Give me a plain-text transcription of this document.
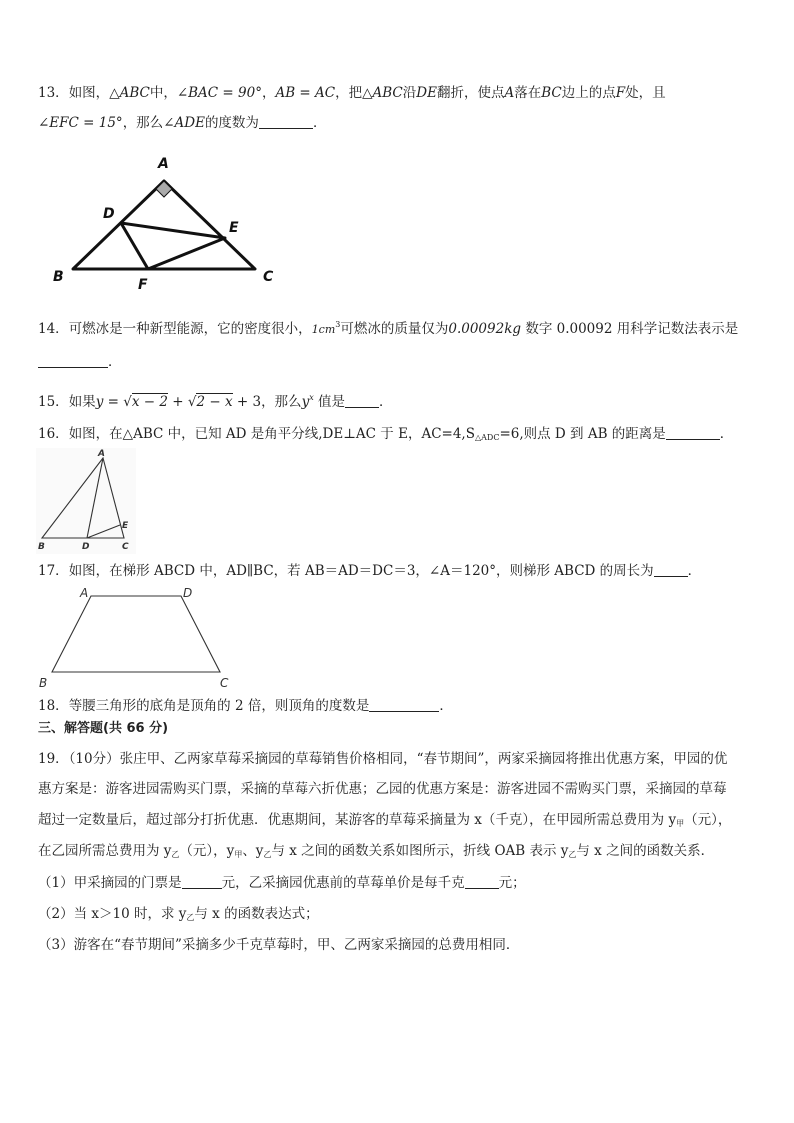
13．如图，△ABC中，∠BAC = 90°，AB = AC，把△ABC沿DE翻折，使点A落在BC边上的点F处，且
∠EFC = 15°，那么∠ADE的度数为	．
A
B	C
D
E
F
14．可燃冰是一种新型能源，它的密度很小，$1cm^3$可燃冰的质量仅为0.00092kg 数字 0.00092 用科学记数法表示是
．
15．如果y = √x − 2 + √2 − x + 3，那么$y^x$ 值是	．
16．如图，在△ABC 中，已知 AD 是角平分线,DE⊥AC 于 E，$AC=4,S_{\triangle ADC}=6$,则点 D 到 AB 的距离是	．
A
B	D	C
E
17．如图，在梯形 ABCD 中，AD∥BC，若 AB＝AD＝DC＝3，∠A＝120°，则梯形 ABCD 的周长为	．
A	D
B	C
18．等腰三角形的底角是顶角的 2 倍，则顶角的度数是	．
三、解答题(共 66 分)
19．（10分）张庄甲、乙两家草莓采摘园的草莓销售价格相同，“春节期间”，两家采摘园将推出优惠方案，甲园的优
惠方案是：游客进园需购买门票，采摘的草莓六折优惠；乙园的优惠方案是：游客进园不需购买门票，采摘园的草莓
超过一定数量后，超过部分打折优惠．优惠期间，某游客的草莓采摘量为 x（千克），在甲园所需总费用为 $y_甲$（元），
在乙园所需总费用为 $y_乙$（元），$y_甲$、$y_乙$与 x 之间的函数关系如图所示，折线 OAB 表示 $y_乙$与 x 之间的函数关系．
（1）甲采摘园的门票是	元，乙采摘园优惠前的草莓单价是每千克	元；
（2）当 x＞10 时，求 $y_乙$与 x 的函数表达式；
（3）游客在“春节期间”采摘多少千克草莓时，甲、乙两家采摘园的总费用相同．
